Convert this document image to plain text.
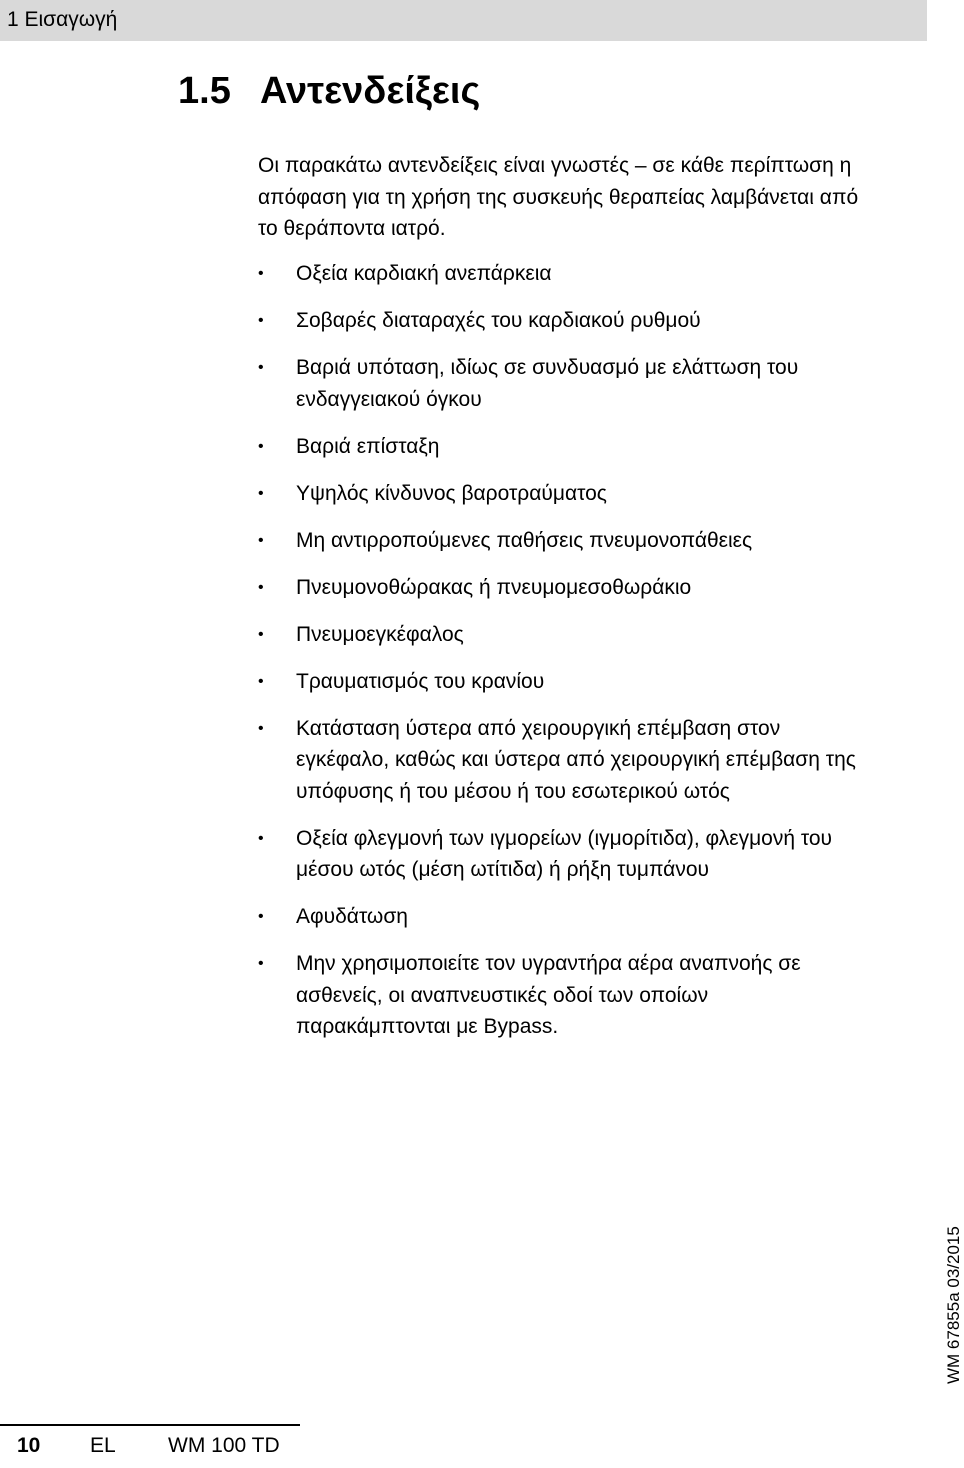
1 Εισαγωγή
1.5 Αντενδείξεις

Οι παρακάτω αντενδείξεις είναι γνωστές – σε κάθε περίπτωση η
απόφαση για τη χρήση της συσκευής θεραπείας λαμβάνεται από
το θεράποντα ιατρό.

• Οξεία καρδιακή ανεπάρκεια
• Σοβαρές διαταραχές του καρδιακού ρυθμού
• Βαριά υπόταση, ιδίως σε συνδυασμό με ελάττωση του
ενδαγγειακού όγκου
• Βαριά επίσταξη
• Υψηλός κίνδυνος βαροτραύματος
• Μη αντιρροπούμενες παθήσεις πνευμονοπάθειες
• Πνευμονοθώρακας ή πνευμομεσοθωράκιο
• Πνευμοεγκέφαλος
• Τραυματισμός του κρανίου
• Κατάσταση ύστερα από χειρουργική επέμβαση στον
εγκέφαλο, καθώς και ύστερα από χειρουργική επέμβαση της
υπόφυσης ή του μέσου ή του εσωτερικού ωτός
• Οξεία φλεγμονή των ιγμορείων (ιγμορίτιδα), φλεγμονή του
μέσου ωτός (μέση ωτίτιδα) ή ρήξη τυμπάνου
• Αφυδάτωση
• Μην χρησιμοποιείτε τον υγραντήρα αέρα αναπνοής σε
ασθενείς, οι αναπνευστικές οδοί των οποίων
παρακάμπτονται με Bypass.
WM 67855a 03/2015
10 EL WM 100 TD
